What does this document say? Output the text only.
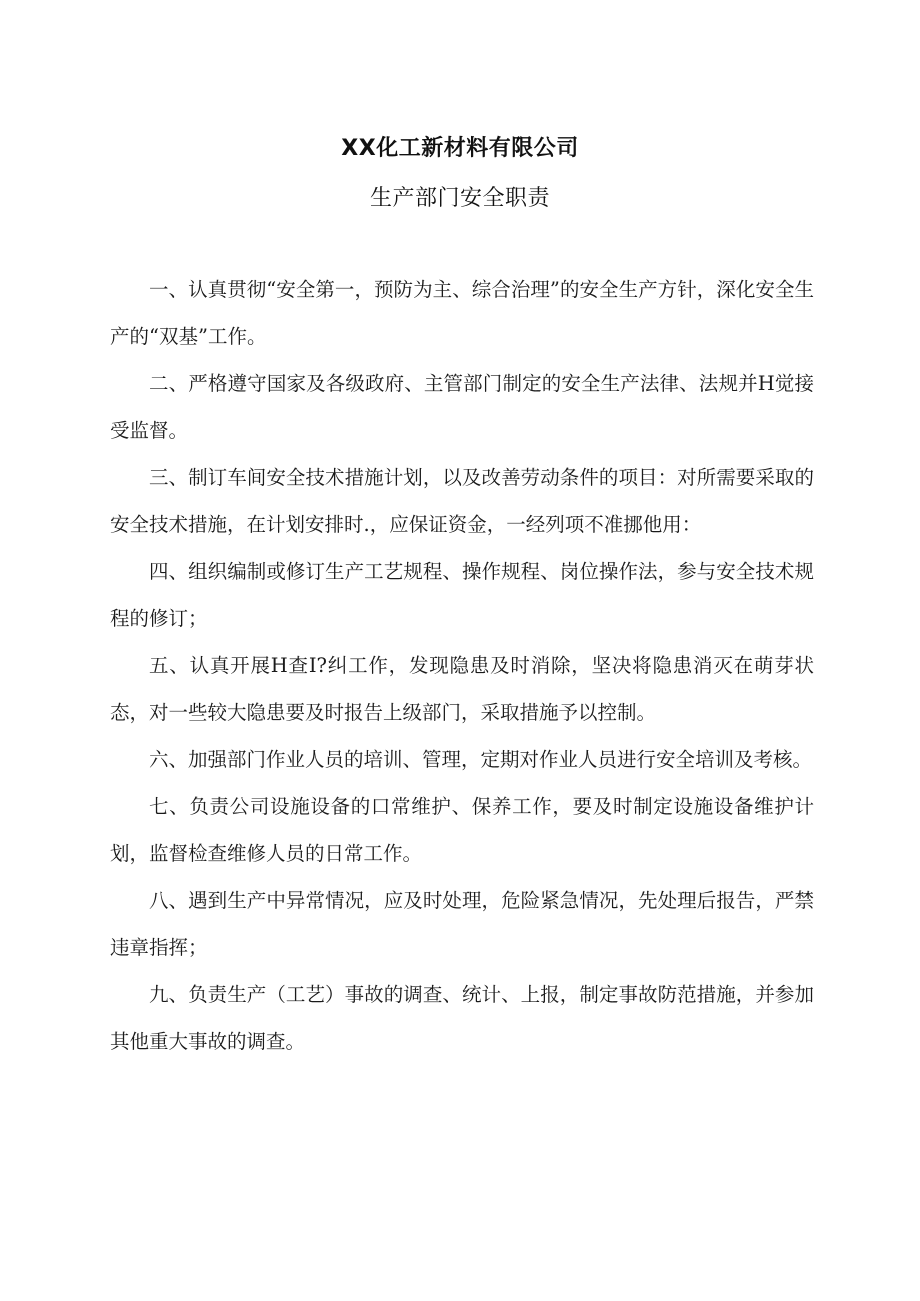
XX化工新材料有限公司
生产部门安全职责

一、认真贯彻“安全第一，预防为主、综合治理”的安全生产方针，深化安全生产的“双基”工作。

二、严格遵守国家及各级政府、主管部门制定的安全生产法律、法规并H觉接受监督。

三、制订车间安全技术措施计划，以及改善劳动条件的项目：对所需要采取的安全技术措施，在计划安排时.，应保证资金，一经列项不准挪他用：

四、组织编制或修订生产工艺规程、操作规程、岗位操作法，参与安全技术规程的修订；

五、认真开展H查I?纠工作，发现隐患及时消除，坚决将隐患消灭在萌芽状态，对一些较大隐患要及时报告上级部门，采取措施予以控制。

六、加强部门作业人员的培训、管理，定期对作业人员进行安全培训及考核。

七、负责公司设施设备的口常维护、保养工作，要及时制定设施设备维护计划，监督检查维修人员的日常工作。

八、遇到生产中异常情况，应及时处理，危险紧急情况，先处理后报告，严禁违章指挥；

九、负责生产（工艺）事故的调查、统计、上报，制定事故防范措施，并参加其他重大事故的调查。
